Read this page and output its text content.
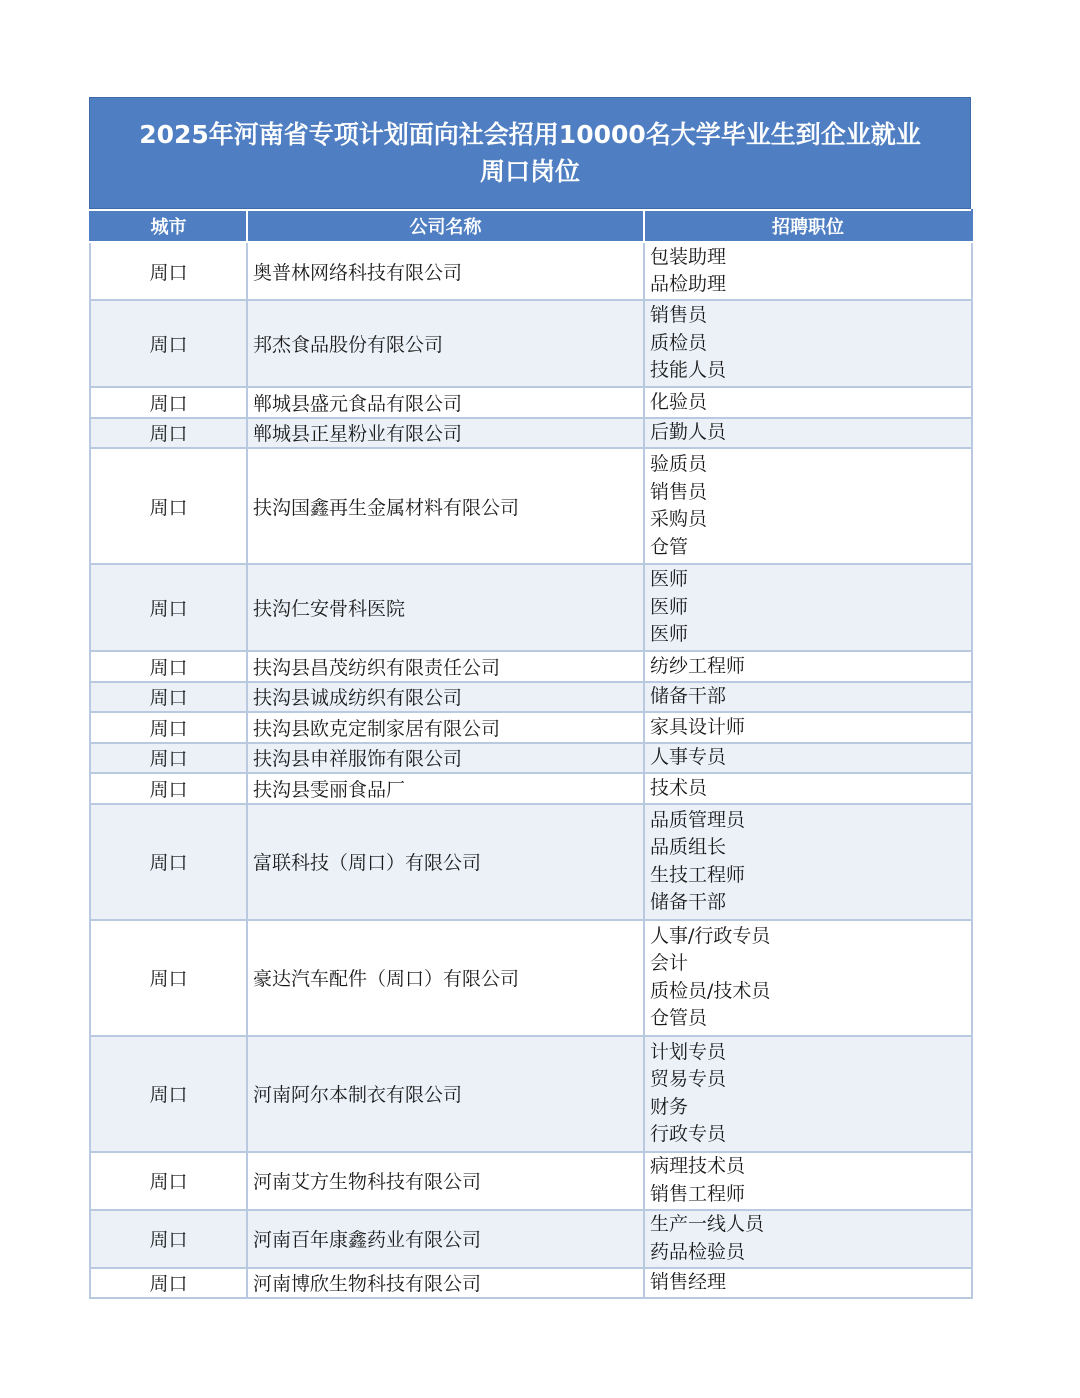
2025年河南省专项计划面向社会招用10000名大学毕业生到企业就业
周口岗位
城市	公司名称	招聘职位
周口	奥普林网络科技有限公司	包装助理
品检助理

周口	邦杰食品股份有限公司	销售员
质检员
技能人员

周口	郸城县盛元食品有限公司	化验员

周口	郸城县正星粉业有限公司	后勤人员

周口	扶沟国鑫再生金属材料有限公司	验质员
销售员
采购员
仓管

周口	扶沟仁安骨科医院	医师
医师
医师

周口	扶沟县昌茂纺织有限责任公司	纺纱工程师

周口	扶沟县诚成纺织有限公司	储备干部

周口	扶沟县欧克定制家居有限公司	家具设计师

周口	扶沟县申祥服饰有限公司	人事专员

周口	扶沟县雯丽食品厂	技术员

周口	富联科技（周口）有限公司	品质管理员
品质组长
生技工程师
储备干部

周口	豪达汽车配件（周口）有限公司	人事/行政专员
会计
质检员/技术员
仓管员

周口	河南阿尔本制衣有限公司	计划专员
贸易专员
财务
行政专员

周口	河南艾方生物科技有限公司	病理技术员
销售工程师

周口	河南百年康鑫药业有限公司	生产一线人员
药品检验员

周口	河南博欣生物科技有限公司	销售经理
